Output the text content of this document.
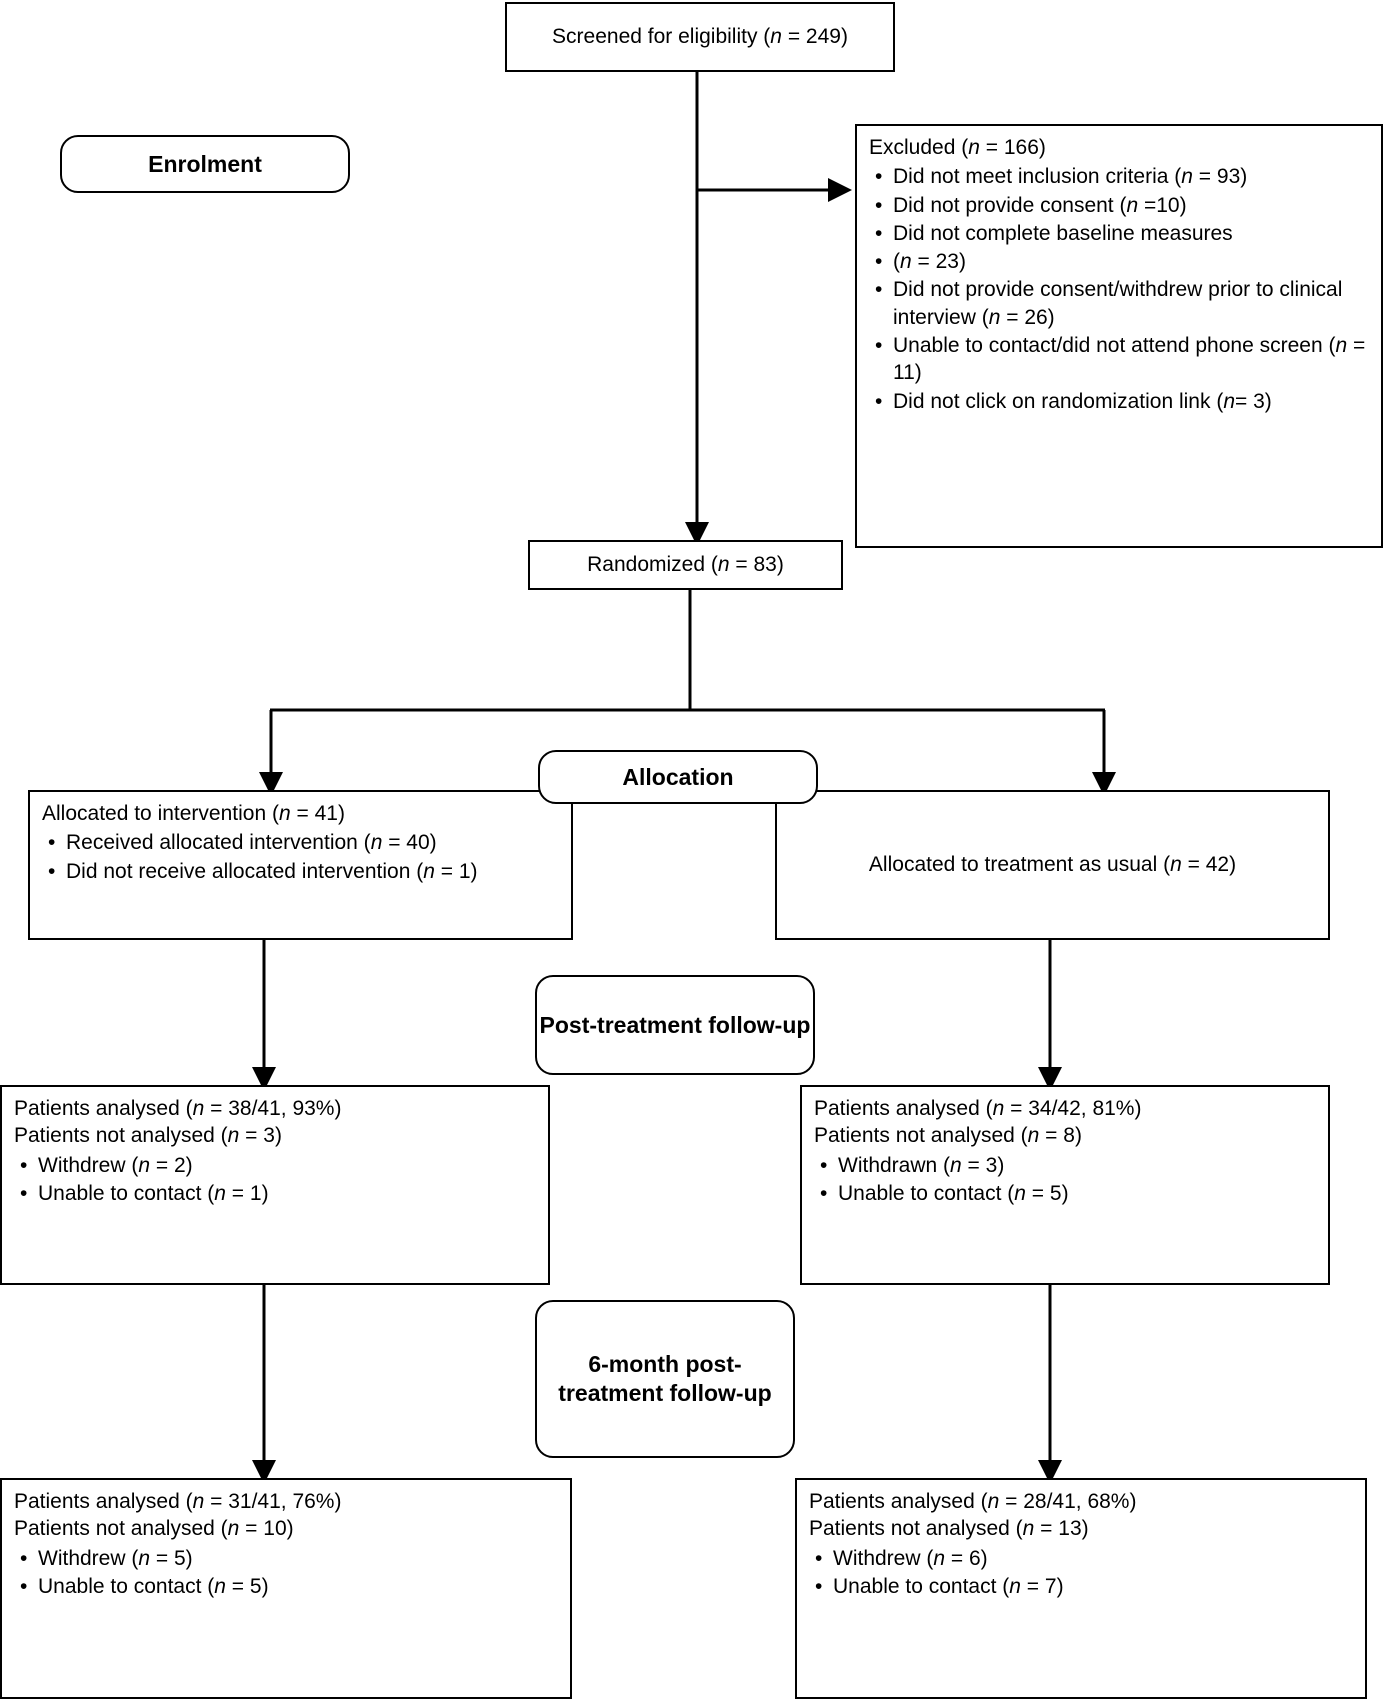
Screened for eligibility (n = 249)
Enrolment
Excluded (n = 166)
• Did not meet inclusion criteria (n = 93)
• Did not provide consent (n =10)
• Did not complete baseline measures
• (n = 23)
• Did not provide consent/withdrew prior to clinical interview (n = 26)
• Unable to contact/did not attend phone screen (n = 11)
• Did not click on randomization link (n= 3)
Randomized (n = 83)
Allocation
Allocated to intervention (n = 41)
• Received allocated intervention (n = 40)
• Did not receive allocated intervention (n = 1)	Allocated to treatment as usual (n = 42)
Post-treatment follow-up
Patients analysed (n = 38/41, 93%)
Patients not analysed (n = 3)
• Withdrew (n = 2)
• Unable to contact (n = 1)
Patients analysed (n = 34/42, 81%)
Patients not analysed (n = 8)
• Withdrawn (n = 3)
• Unable to contact (n = 5)
6-month post-treatment follow-up
Patients analysed (n = 31/41, 76%)
Patients not analysed (n = 10)
• Withdrew (n = 5)
• Unable to contact (n = 5)
Patients analysed (n = 28/41, 68%)
Patients not analysed (n = 13)
• Withdrew (n = 6)
• Unable to contact (n = 7)
